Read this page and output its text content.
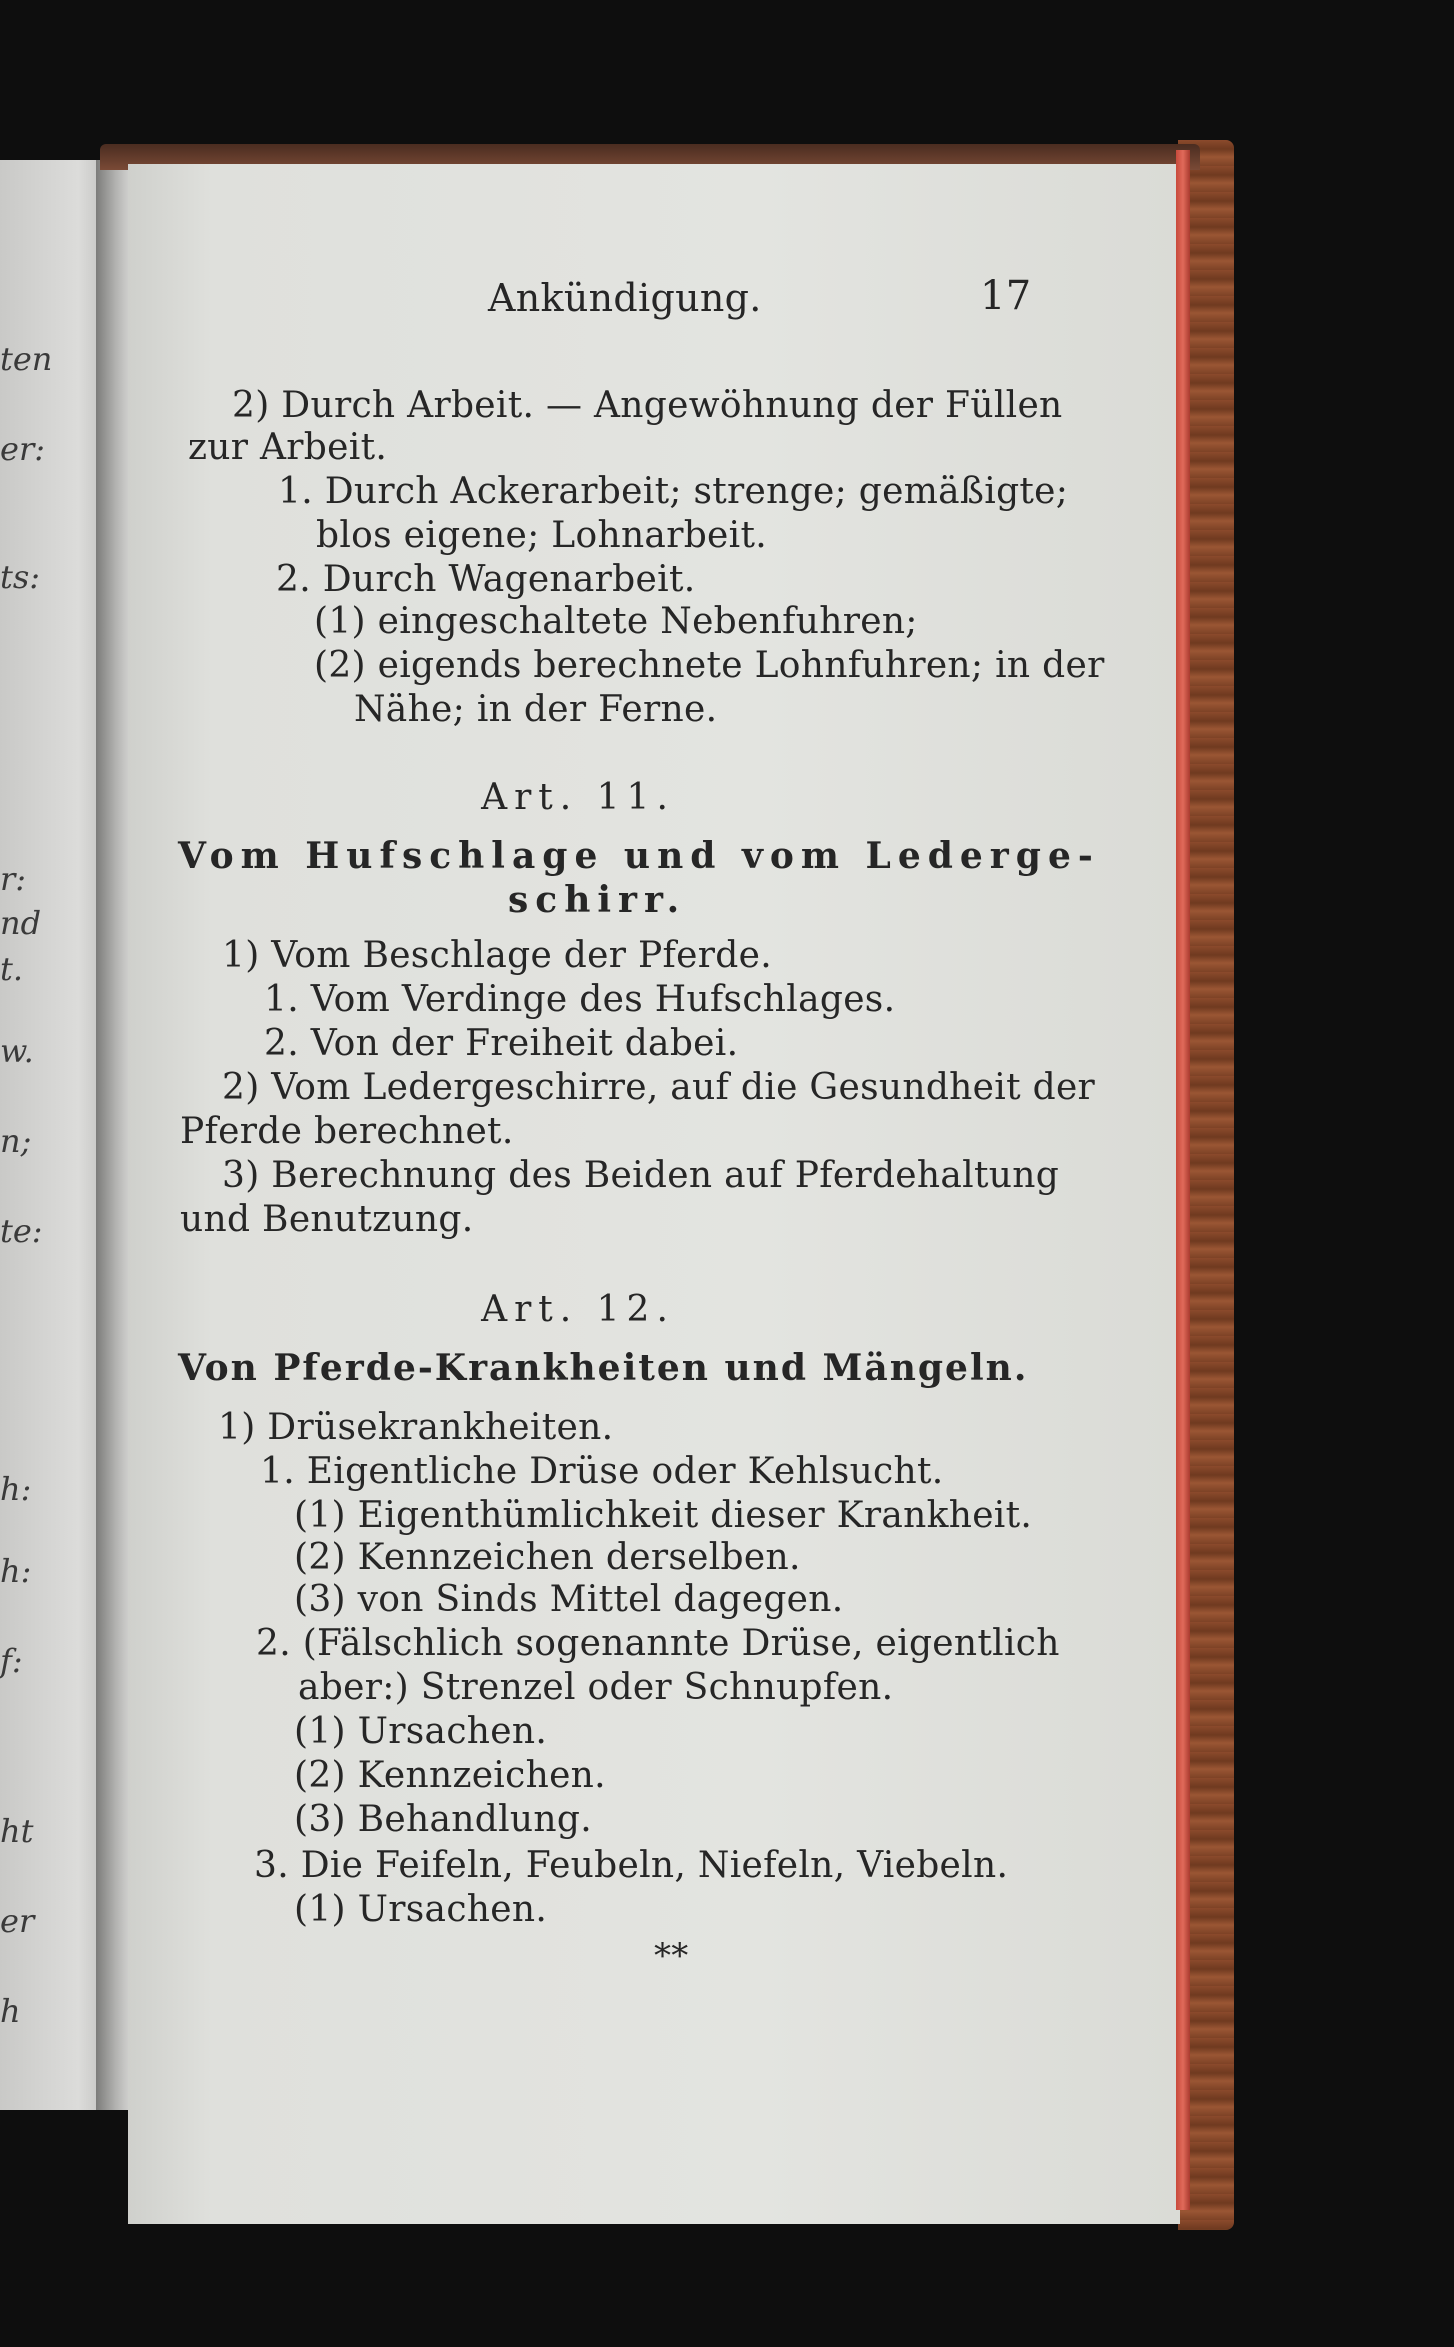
ten
er:
ts:
r:
nd
t.
w.
n;
te:
h:
h:
f:
ht
er
h
Ankündigung.	17
2) Durch Arbeit. — Angewöhnung der Füllen
zur Arbeit.
1. Durch Ackerarbeit; strenge; gemäßigte;
blos eigene; Lohnarbeit.
2. Durch Wagenarbeit.
(1) eingeschaltete Nebenfuhren;
(2) eigends berechnete Lohnfuhren; in der
Nähe; in der Ferne.
Art. 11.
Vom Hufschlage und vom Lederge-
schirr.
1) Vom Beschlage der Pferde.
1. Vom Verdinge des Hufschlages.
2. Von der Freiheit dabei.
2) Vom Ledergeschirre, auf die Gesundheit der
Pferde berechnet.
3) Berechnung des Beiden auf Pferdehaltung
und Benutzung.
Art. 12.
Von Pferde-Krankheiten und Mängeln.
1) Drüsekrankheiten.
1. Eigentliche Drüse oder Kehlsucht.
(1) Eigenthümlichkeit dieser Krankheit.
(2) Kennzeichen derselben.
(3) von Sinds Mittel dagegen.
2. (Fälschlich sogenannte Drüse, eigentlich
aber:) Strenzel oder Schnupfen.
(1) Ursachen.
(2) Kennzeichen.
(3) Behandlung.
3. Die Feifeln, Feubeln, Niefeln, Viebeln.
(1) Ursachen.
**
